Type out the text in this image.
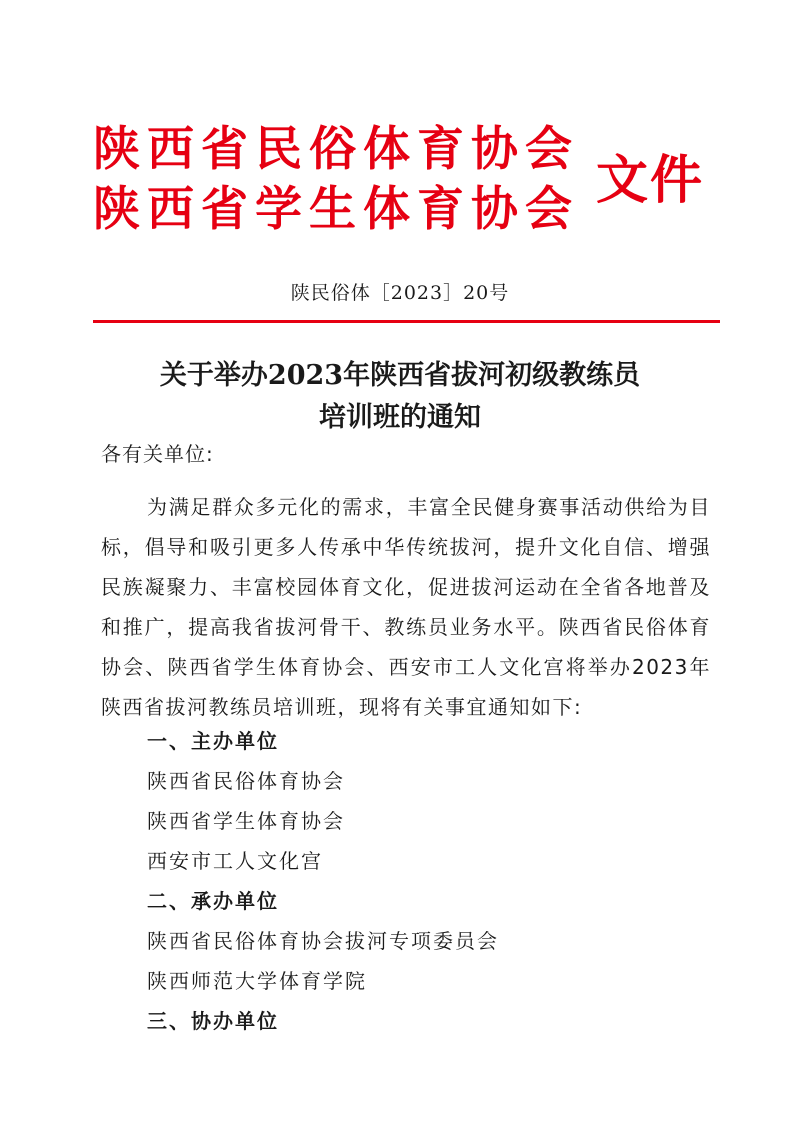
陕西省民俗体育协会
陕西省学生体育协会 文件
陕民俗体［2023］20号
关于举办2023年陕西省拔河初级教练员
培训班的通知
各有关单位:
为满足群众多元化的需求，丰富全民健身赛事活动供给为目标，倡导和吸引更多人传承中华传统拔河，提升文化自信、增强民族凝聚力、丰富校园体育文化，促进拔河运动在全省各地普及和推广，提高我省拔河骨干、教练员业务水平。陕西省民俗体育协会、陕西省学生体育协会、西安市工人文化宫将举办2023年陕西省拔河教练员培训班，现将有关事宜通知如下:
一、主办单位
陕西省民俗体育协会
陕西省学生体育协会
西安市工人文化宫
二、承办单位
陕西省民俗体育协会拔河专项委员会
陕西师范大学体育学院
三、协办单位
